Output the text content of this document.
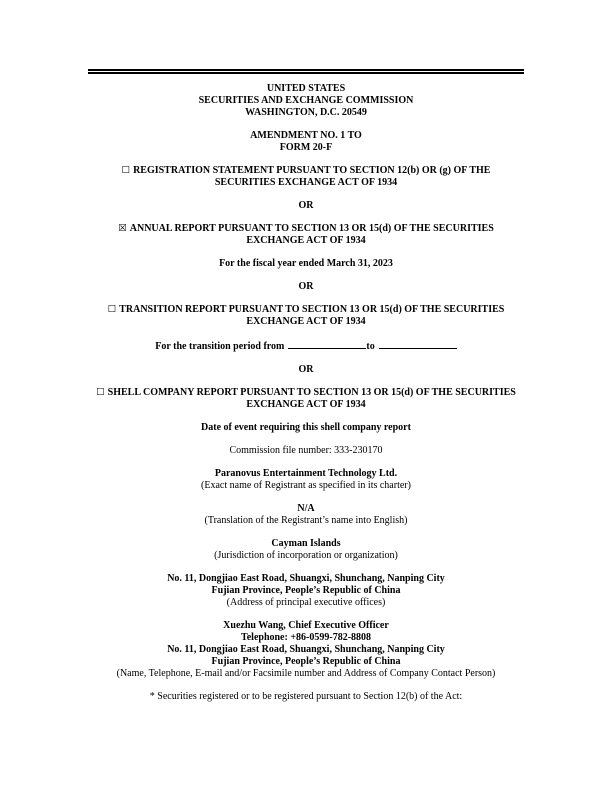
UNITED STATES
SECURITIES AND EXCHANGE COMMISSION
WASHINGTON, D.C. 20549
AMENDMENT NO. 1 TO
FORM 20-F
☐ REGISTRATION STATEMENT PURSUANT TO SECTION 12(b) OR (g) OF THE
SECURITIES EXCHANGE ACT OF 1934
OR
☒ ANNUAL REPORT PURSUANT TO SECTION 13 OR 15(d) OF THE SECURITIES
EXCHANGE ACT OF 1934
For the fiscal year ended March 31, 2023
OR
☐ TRANSITION REPORT PURSUANT TO SECTION 13 OR 15(d) OF THE SECURITIES
EXCHANGE ACT OF 1934
For the transition period from	to
OR
☐ SHELL COMPANY REPORT PURSUANT TO SECTION 13 OR 15(d) OF THE SECURITIES
EXCHANGE ACT OF 1934
Date of event requiring this shell company report
Commission file number: 333-230170
Paranovus Entertainment Technology Ltd.
(Exact name of Registrant as specified in its charter)
N/A
(Translation of the Registrant’s name into English)
Cayman Islands
(Jurisdiction of incorporation or organization)
No. 11, Dongjiao East Road, Shuangxi, Shunchang, Nanping City
Fujian Province, People’s Republic of China
(Address of principal executive offices)
Xuezhu Wang, Chief Executive Officer
Telephone: +86-0599-782-8808
No. 11, Dongjiao East Road, Shuangxi, Shunchang, Nanping City
Fujian Province, People’s Republic of China
(Name, Telephone, E-mail and/or Facsimile number and Address of Company Contact Person)
* Securities registered or to be registered pursuant to Section 12(b) of the Act:
